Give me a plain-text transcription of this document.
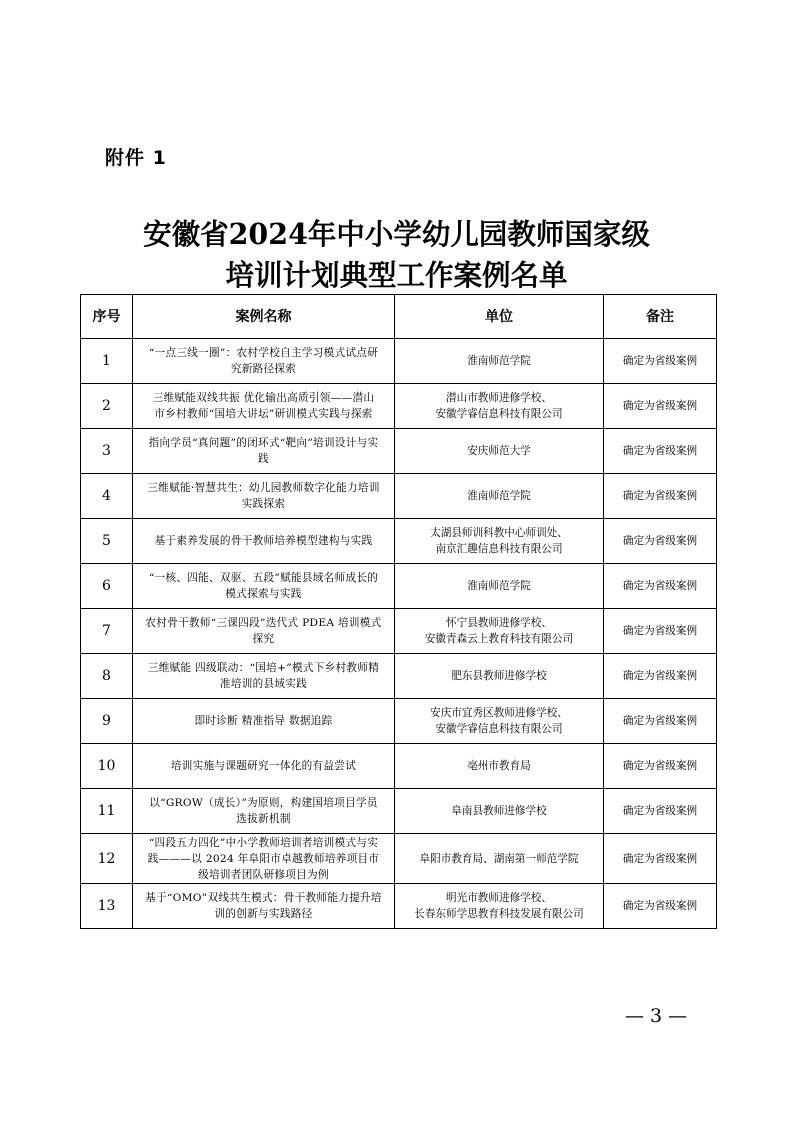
附件 1
安徽省2024年中小学幼儿园教师国家级
培训计划典型工作案例名单
序号	案例名称	单位	备注
1	“一点三线一圈”：农村学校自主学习模式试点研
究新路径探索	淮南师范学院	确定为省级案例
2	三维赋能双线共振 优化输出高质引领——潜山
市乡村教师“国培大讲坛”研训模式实践与探索	潜山市教师进修学校、
安徽学睿信息科技有限公司	确定为省级案例
3	指向学员“真问题”的闭环式“靶向”培训设计与实
践	安庆师范大学	确定为省级案例
4	三维赋能·智慧共生：幼儿园教师数字化能力培训
实践探索	淮南师范学院	确定为省级案例
5	基于素养发展的骨干教师培养模型建构与实践	太湖县师训科教中心师训处、
南京汇趣信息科技有限公司	确定为省级案例
6	“一核、四能、双驱、五段”赋能县域名师成长的
模式探索与实践	淮南师范学院	确定为省级案例
7	农村骨干教师“三课四段”迭代式 PDEA 培训模式
探究	怀宁县教师进修学校、
安徽青森云上教育科技有限公司	确定为省级案例
8	三维赋能 四级联动：“国培+”模式下乡村教师精
准培训的县域实践	肥东县教师进修学校	确定为省级案例
9	即时诊断 精准指导 数据追踪	安庆市宜秀区教师进修学校、
安徽学睿信息科技有限公司	确定为省级案例
10	培训实施与课题研究一体化的有益尝试	亳州市教育局	确定为省级案例
11	以“GROW（成长）”为原则，构建国培项目学员
选拔新机制	阜南县教师进修学校	确定为省级案例
12	“四段五力四化”中小学教师培训者培训模式与实
践———以 2024 年阜阳市卓越教师培养项目市
级培训者团队研修项目为例	阜阳市教育局、湖南第一师范学院	确定为省级案例
13	基于“OMO”双线共生模式：骨干教师能力提升培
训的创新与实践路径	明光市教师进修学校、
长春东师学思教育科技发展有限公司	确定为省级案例
— 3 —
